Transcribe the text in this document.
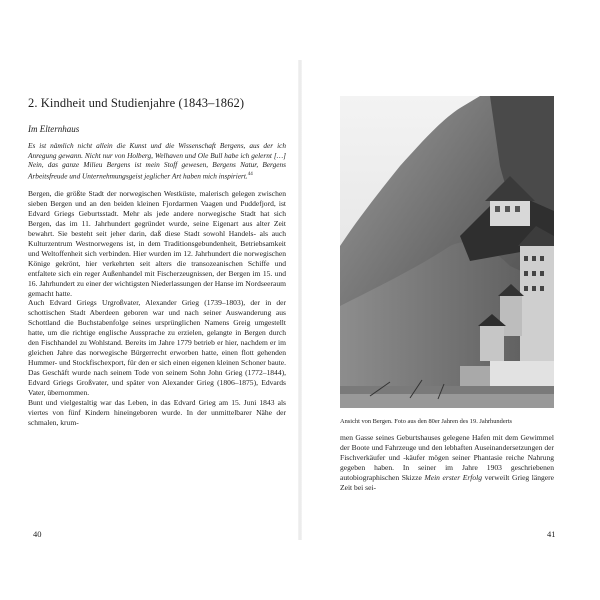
2. Kindheit und Studienjahre (1843–1862)
Im Elternhaus
Es ist nämlich nicht allein die Kunst und die Wissenschaft Bergens, aus der ich Anregung gewann. Nicht nur von Holberg, Welhaven und Ole Bull habe ich gelernt […] Nein, das ganze Milieu Bergens ist mein Stoff gewesen, Bergens Natur, Bergens Arbeitsfreude und Unternehmungsgeist jeglicher Art haben mich inspiriert.$^{44}$

Bergen, die größte Stadt der norwegischen Westküste, malerisch gelegen zwischen sieben Bergen und an den beiden kleinen Fjordarmen Vaagen und Puddefjord, ist Edvard Griegs Geburtsstadt. Mehr als jede andere norwegische Stadt hat sich Bergen, das im 11. Jahrhundert gegründet wurde, seine Eigenart aus alter Zeit bewahrt. Sie besteht seit jeher darin, daß diese Stadt sowohl Handels- als auch Kulturzentrum Westnorwegens ist, in dem Traditionsgebundenheit, Betriebsamkeit und Weltoffenheit sich verbinden. Hier wurden im 12. Jahrhundert die norwegischen Könige gekrönt, hier verkehrten seit alters die transozeanischen Schiffe und entfaltete sich ein reger Außenhandel mit Fischerzeugnissen, der Bergen im 15. und 16. Jahrhundert zu einer der wichtigsten Niederlassungen der Hanse im Nordseeraum gemacht hatte.

Auch Edvard Griegs Urgroßvater, Alexander Grieg (1739–1803), der in der schottischen Stadt Aberdeen geboren war und nach seiner Auswanderung aus Schottland die Buchstabenfolge seines ursprünglichen Namens Greig umgestellt hatte, um die richtige englische Aussprache zu erzielen, gelangte in Bergen durch den Fischhandel zu Wohlstand. Bereits im Jahre 1779 betrieb er hier, nachdem er im gleichen Jahre das norwegische Bürgerrecht erworben hatte, einen flott gehenden Hummer- und Stockfischexport, für den er sich einen eigenen kleinen Schoner baute. Das Geschäft wurde nach seinem Tode von seinem Sohn John Grieg (1772–1844), Edvard Griegs Großvater, und später von Alexander Grieg (1806–1875), Edvards Vater, übernommen.

Bunt und vielgestaltig war das Leben, in das Edvard Grieg am 15. Juni 1843 als viertes von fünf Kindern hineingeboren wurde. In der unmittelbarer Nähe der schmalen, krum-

40
Ansicht von Bergen. Foto aus den 80er Jahren des 19. Jahrhunderts

men Gasse seines Geburtshauses gelegene Hafen mit dem Gewimmel der Boote und Fahrzeuge und den lebhaften Auseinandersetzungen der Fischverkäufer und -käufer mögen seiner Phantasie reiche Nahrung gegeben haben. In seiner im Jahre 1903 geschriebenen autobiographischen Skizze Mein erster Erfolg verweilt Grieg längere Zeit bei sei-

41
